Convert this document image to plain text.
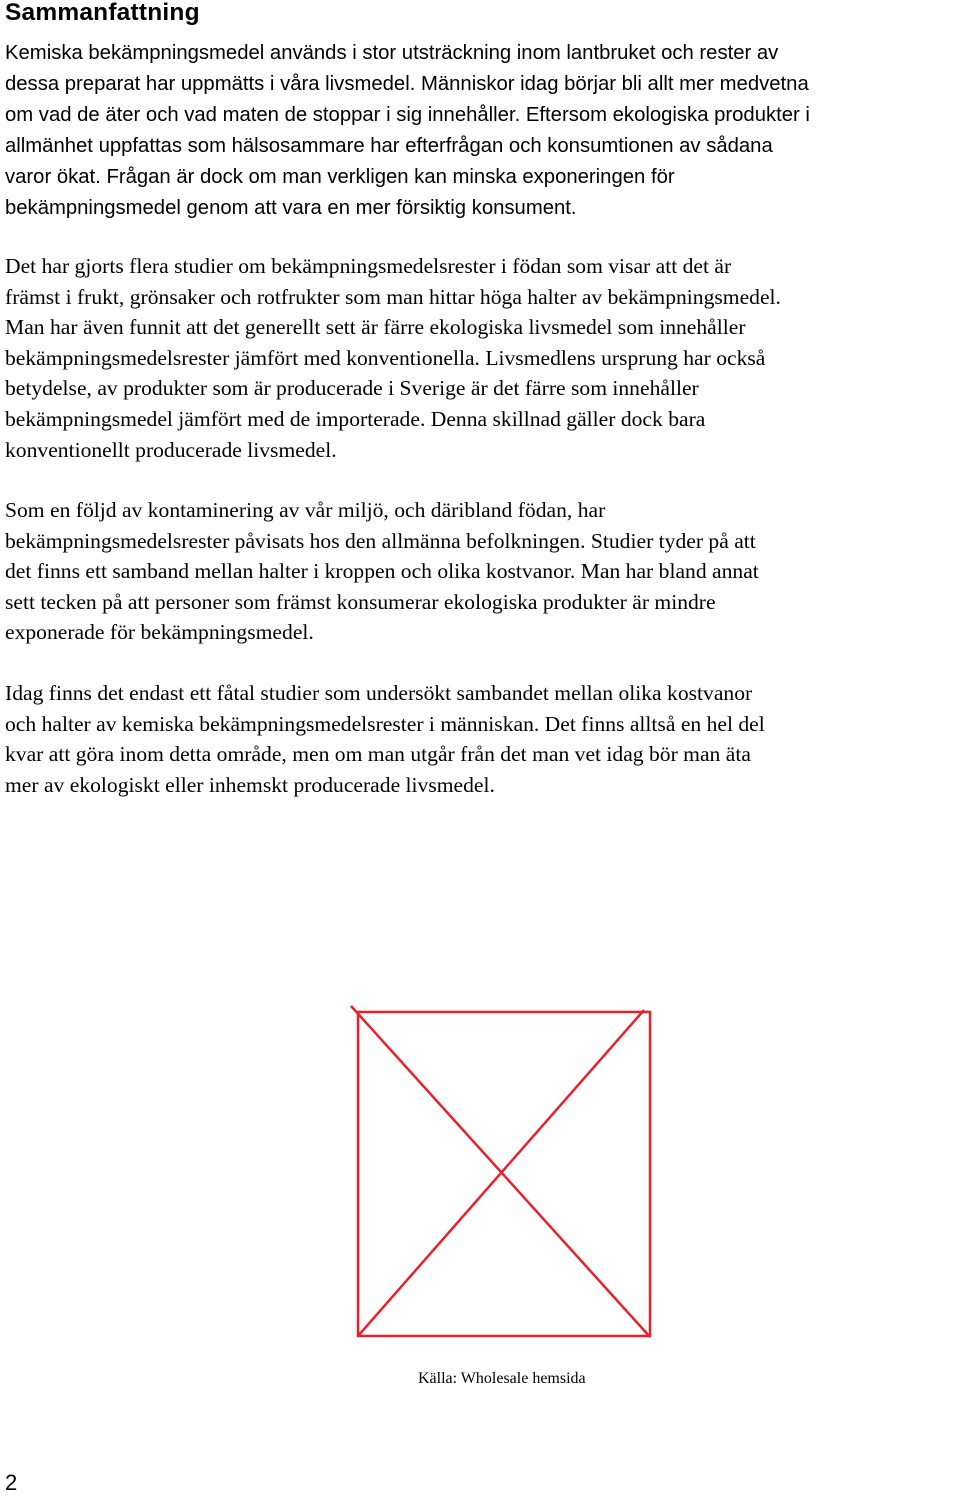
Sammanfattning
Kemiska bekämpningsmedel används i stor utsträckning inom lantbruket och rester av
dessa preparat har uppmätts i våra livsmedel. Människor idag börjar bli allt mer medvetna
om vad de äter och vad maten de stoppar i sig innehåller. Eftersom ekologiska produkter i
allmänhet uppfattas som hälsosammare har efterfrågan och konsumtionen av sådana
varor ökat. Frågan är dock om man verkligen kan minska exponeringen för
bekämpningsmedel genom att vara en mer försiktig konsument.
Det har gjorts flera studier om bekämpningsmedelsrester i födan som visar att det är
främst i frukt, grönsaker och rotfrukter som man hittar höga halter av bekämpningsmedel.
Man har även funnit att det generellt sett är färre ekologiska livsmedel som innehåller
bekämpningsmedelsrester jämfört med konventionella. Livsmedlens ursprung har också
betydelse, av produkter som är producerade i Sverige är det färre som innehåller
bekämpningsmedel jämfört med de importerade. Denna skillnad gäller dock bara
konventionellt producerade livsmedel.
Som en följd av kontaminering av vår miljö, och däribland födan, har
bekämpningsmedelsrester påvisats hos den allmänna befolkningen. Studier tyder på att
det finns ett samband mellan halter i kroppen och olika kostvanor. Man har bland annat
sett tecken på att personer som främst konsumerar ekologiska produkter är mindre
exponerade för bekämpningsmedel.
Idag finns det endast ett fåtal studier som undersökt sambandet mellan olika kostvanor
och halter av kemiska bekämpningsmedelsrester i människan. Det finns alltså en hel del
kvar att göra inom detta område, men om man utgår från det man vet idag bör man äta
mer av ekologiskt eller inhemskt producerade livsmedel.

Källa: Wholesale hemsida

2
